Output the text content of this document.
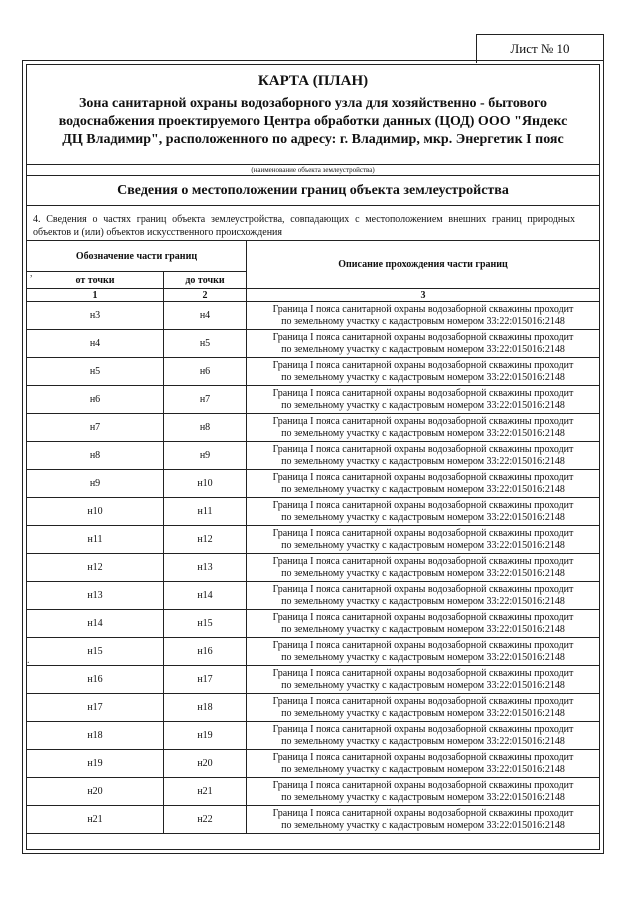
Лист № 10
КАРТА (ПЛАН)
Зона санитарной охраны водозаборного узла для хозяйственно - бытового водоснабжения проектируемого Центра обработки данных (ЦОД) ООО "Яндекс ДЦ Владимир", расположенного по адресу: г. Владимир, мкр. Энергетик I пояс
(наименование объекта землеустройства)
Сведения о местоположении границ объекта землеустройства
4. Сведения о частях границ объекта землеустройства, совпадающих с местоположением внешних границ природных объектов и (или) объектов искусственного происхождения
Обозначение части границ		Описание прохождения части границ
от точки	до точки	
1	2	3
н3	н4	Граница I пояса санитарной охраны водозаборной скважины проходит
по земельному участку с кадастровым номером 33:22:015016:2148

н4	н5	Граница I пояса санитарной охраны водозаборной скважины проходит
по земельному участку с кадастровым номером 33:22:015016:2148

н5	н6	Граница I пояса санитарной охраны водозаборной скважины проходит
по земельному участку с кадастровым номером 33:22:015016:2148

н6	н7	Граница I пояса санитарной охраны водозаборной скважины проходит
по земельному участку с кадастровым номером 33:22:015016:2148

н7	н8	Граница I пояса санитарной охраны водозаборной скважины проходит
по земельному участку с кадастровым номером 33:22:015016:2148

н8	н9	Граница I пояса санитарной охраны водозаборной скважины проходит
по земельному участку с кадастровым номером 33:22:015016:2148

н9	н10	Граница I пояса санитарной охраны водозаборной скважины проходит
по земельному участку с кадастровым номером 33:22:015016:2148

н10	н11	Граница I пояса санитарной охраны водозаборной скважины проходит
по земельному участку с кадастровым номером 33:22:015016:2148

н11	н12	Граница I пояса санитарной охраны водозаборной скважины проходит
по земельному участку с кадастровым номером 33:22:015016:2148

н12	н13	Граница I пояса санитарной охраны водозаборной скважины проходит
по земельному участку с кадастровым номером 33:22:015016:2148

н13	н14	Граница I пояса санитарной охраны водозаборной скважины проходит
по земельному участку с кадастровым номером 33:22:015016:2148

н14	н15	Граница I пояса санитарной охраны водозаборной скважины проходит
по земельному участку с кадастровым номером 33:22:015016:2148

н15	н16	Граница I пояса санитарной охраны водозаборной скважины проходит
по земельному участку с кадастровым номером 33:22:015016:2148

н16	н17	Граница I пояса санитарной охраны водозаборной скважины проходит
по земельному участку с кадастровым номером 33:22:015016:2148

н17	н18	Граница I пояса санитарной охраны водозаборной скважины проходит
по земельному участку с кадастровым номером 33:22:015016:2148

н18	н19	Граница I пояса санитарной охраны водозаборной скважины проходит
по земельному участку с кадастровым номером 33:22:015016:2148

н19	н20	Граница I пояса санитарной охраны водозаборной скважины проходит
по земельному участку с кадастровым номером 33:22:015016:2148

н20	н21	Граница I пояса санитарной охраны водозаборной скважины проходит
по земельному участку с кадастровым номером 33:22:015016:2148

н21	н22	Граница I пояса санитарной охраны водозаборной скважины проходит
по земельному участку с кадастровым номером 33:22:015016:2148
,
.
